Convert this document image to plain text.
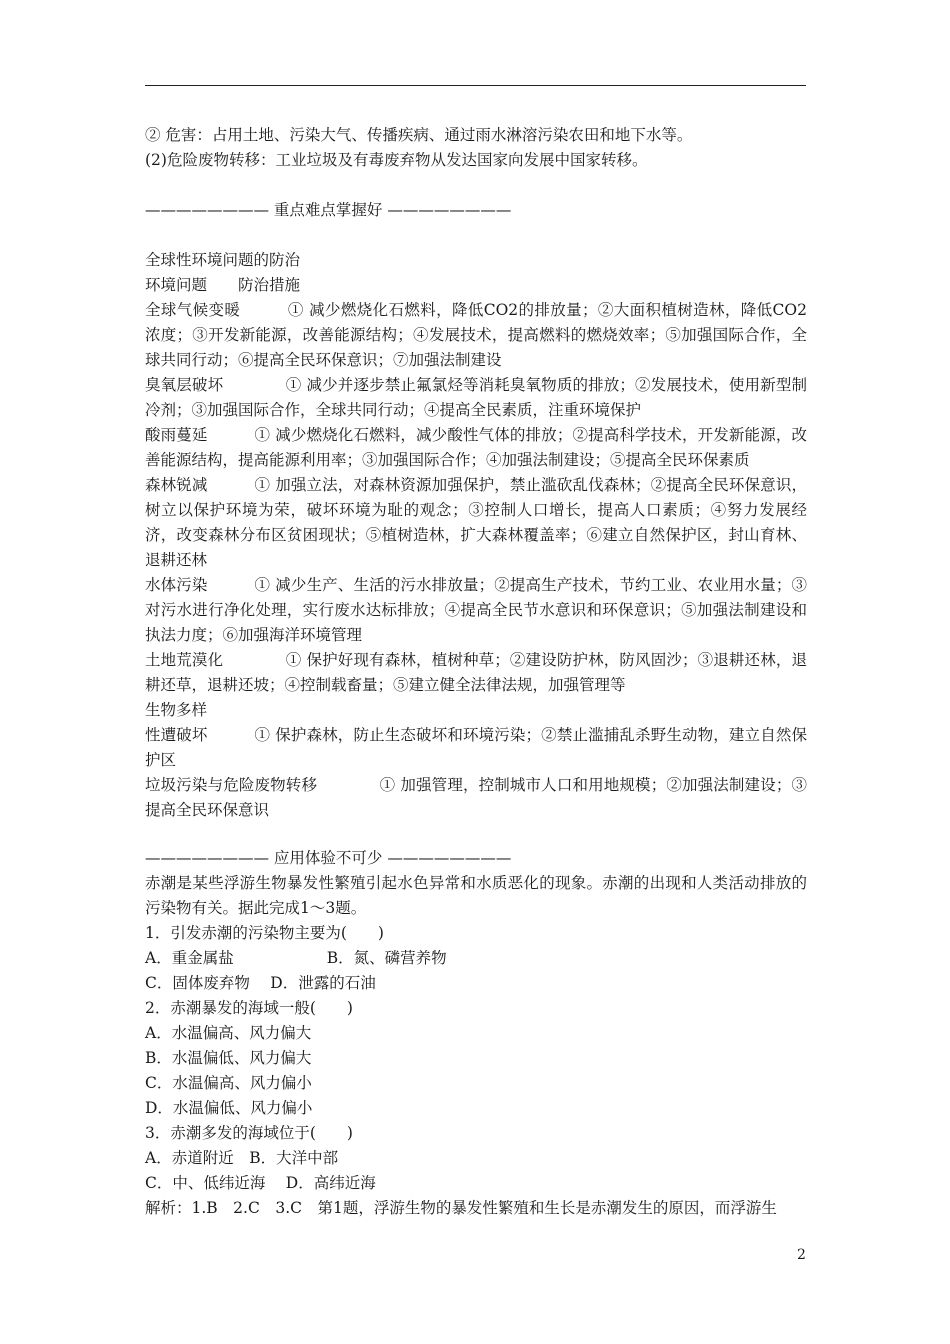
② 危害：占用土地、污染大气、传播疾病、通过雨水淋溶污染农田和地下水等。

(2)危险废物转移：工业垃圾及有毒废弃物从发达国家向发展中国家转移。

———————— 重点难点掌握好 ————————

全球性环境问题的防治

环境问题　　防治措施

全球气候变暖　　　① 减少燃烧化石燃料，降低CO2的排放量；②大面积植树造林，降低CO2浓度；③开发新能源，改善能源结构；④发展技术，提高燃料的燃烧效率；⑤加强国际合作，全球共同行动；⑥提高全民环保意识；⑦加强法制建设

臭氧层破坏　　　　① 减少并逐步禁止氟氯烃等消耗臭氧物质的排放；②发展技术，使用新型制冷剂；③加强国际合作，全球共同行动；④提高全民素质，注重环境保护

酸雨蔓延　　　① 减少燃烧化石燃料，减少酸性气体的排放；②提高科学技术，开发新能源，改善能源结构，提高能源利用率；③加强国际合作；④加强法制建设；⑤提高全民环保素质

森林锐减　　　① 加强立法，对森林资源加强保护，禁止滥砍乱伐森林；②提高全民环保意识，树立以保护环境为荣，破坏环境为耻的观念；③控制人口增长，提高人口素质；④努力发展经济，改变森林分布区贫困现状；⑤植树造林，扩大森林覆盖率；⑥建立自然保护区，封山育林、退耕还林

水体污染　　　① 减少生产、生活的污水排放量；②提高生产技术，节约工业、农业用水量；③对污水进行净化处理，实行废水达标排放；④提高全民节水意识和环保意识；⑤加强法制建设和执法力度；⑥加强海洋环境管理

土地荒漠化　　　　① 保护好现有森林，植树种草；②建设防护林，防风固沙；③退耕还林，退耕还草，退耕还坡；④控制载畜量；⑤建立健全法律法规，加强管理等

生物多样

性遭破坏　　　① 保护森林，防止生态破坏和环境污染；②禁止滥捕乱杀野生动物，建立自然保护区

垃圾污染与危险废物转移　　　　① 加强管理，控制城市人口和用地规模；②加强法制建设；③提高全民环保意识

———————— 应用体验不可少 ————————

赤潮是某些浮游生物暴发性繁殖引起水色异常和水质恶化的现象。赤潮的出现和人类活动排放的污染物有关。据此完成1～3题。

1．引发赤潮的污染物主要为(　　)

A．重金属盐　　　　　　B．氮、磷营养物

C．固体废弃物　 D．泄露的石油

2．赤潮暴发的海域一般(　　)

A．水温偏高、风力偏大

B．水温偏低、风力偏大

C．水温偏高、风力偏小

D．水温偏低、风力偏小

3．赤潮多发的海域位于(　　)

A．赤道附近　B．大洋中部

C．中、低纬近海　 D．高纬近海

解析：1.B　2.C　3.C　第1题，浮游生物的暴发性繁殖和生长是赤潮发生的原因，而浮游生

2
